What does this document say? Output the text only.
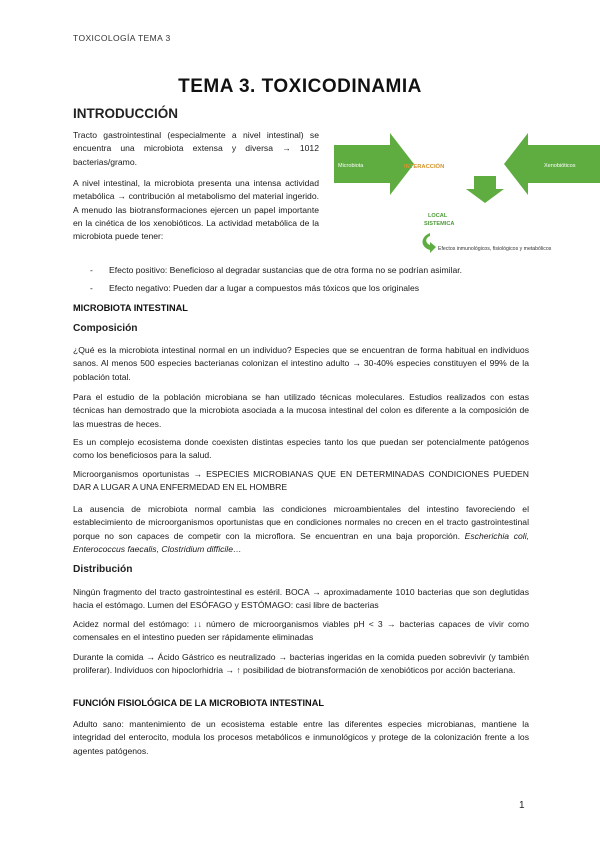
TOXICOLOGÍA TEMA 3
TEMA 3. TOXICODINAMIA
INTRODUCCIÓN

Tracto gastrointestinal (especialmente a nivel intestinal) se encuentra una microbiota extensa y diversa → 1012 bacterias/gramo.

A nivel intestinal, la microbiota presenta una intensa actividad metabólica → contribución al metabolismo del material ingerido. A menudo las biotransformaciones ejercen un papel importante en la cinética de los xenobióticos. La actividad metabólica de la microbiota puede tener:

Microbiota	INTERACCIÓN	Xenobióticos
LOCAL
SISTEMICA
Efectos inmunológicos, fisiológicos y metabólicos
- Efecto positivo: Beneficioso al degradar sustancias que de otra forma no se podrían asimilar.
- Efecto negativo: Pueden dar a lugar a compuestos más tóxicos que los originales
MICROBIOTA INTESTINAL
Composición

¿Qué es la microbiota intestinal normal en un individuo? Especies que se encuentran de forma habitual en individuos sanos. Al menos 500 especies bacterianas colonizan el intestino adulto → 30-40% especies constituyen el 99% de la población total.

Para el estudio de la población microbiana se han utilizado técnicas moleculares. Estudios realizados con estas técnicas han demostrado que la microbiota asociada a la mucosa intestinal del colon es diferente a la composición de las muestras de heces.

Es un complejo ecosistema donde coexisten distintas especies tanto los que puedan ser potencialmente patógenos como los beneficiosos para la salud.

Microorganismos oportunistas → ESPECIES MICROBIANAS QUE EN DETERMINADAS CONDICIONES PUEDEN DAR A LUGAR A UNA ENFERMEDAD EN EL HOMBRE

La ausencia de microbiota normal cambia las condiciones microambientales del intestino favoreciendo el establecimiento de microorganismos oportunistas que en condiciones normales no crecen en el tracto gastrointestinal porque no son capaces de competir con la microflora. Se encuentran en una baja proporción. Escherichia coli, Enterococcus faecalis, Clostridium difficile…

Distribución

Ningún fragmento del tracto gastrointestinal es estéril. BOCA → aproximadamente 1010 bacterias que son deglutidas hacia el estómago. Lumen del ESÓFAGO y ESTÓMAGO: casi libre de bacterias

Acidez normal del estómago: ↓↓ número de microorganismos viables pH < 3 → bacterias capaces de vivir como comensales en el intestino pueden ser rápidamente eliminadas

Durante la comida → Ácido Gástrico es neutralizado → bacterias ingeridas en la comida pueden sobrevivir (y también proliferar). Individuos con hipoclorhidria → ↑ posibilidad de biotransformación de xenobióticos por acción bacteriana.

FUNCIÓN FISIOLÓGICA DE LA MICROBIOTA INTESTINAL

Adulto sano: mantenimiento de un ecosistema estable entre las diferentes especies microbianas, mantiene la integridad del enterocito, modula los procesos metabólicos e inmunológicos y protege de la colonización frente a los agentes patógenos.

1
